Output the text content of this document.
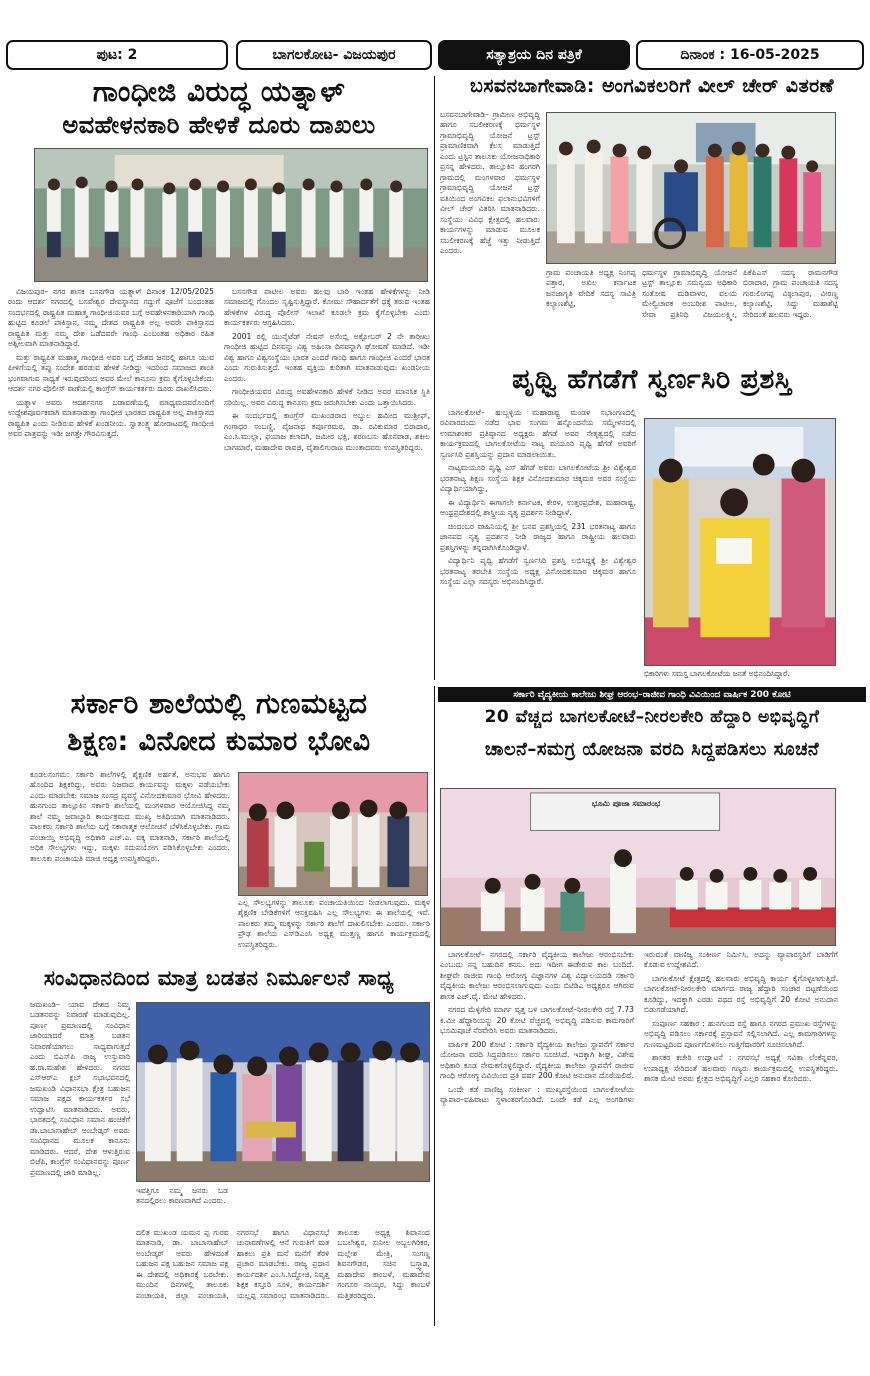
ಪುಟ: 2	ಬಾಗಲಕೋಟ- ವಿಜಯಪುರ	ಸತ್ಯಾಶ್ರಯ ದಿನ ಪತ್ರಿಕೆ	ದಿನಾಂಕ : 16-05-2025
ಗಾಂಧೀಜಿ ವಿರುದ್ಧ ಯತ್ನಾಳ್
ಅವಹೇಳನಕಾರಿ ಹೇಳಿಕೆ ದೂರು ದಾಖಲು

ವಿಜಯಪುರ– ನಗರ ಶಾಸಕ ಬಸನಗೌಡ ಯತ್ನಾಳ್ ದಿನಾಂಕ 12/05/2025 ರಂದು ಆದರ್ಶ ನಗರದಲ್ಲಿ ಬಸವೇಶ್ವರ ದೇವಸ್ಥಾನದ ಗದ್ದುಗೆ ಪೂಜೆಗೆ ಬಂದಂತಹ ಸಂದರ್ಭದಲ್ಲಿ ರಾಷ್ಟ್ರಪಿತ ಮಹಾತ್ಮ ಗಾಂಧೀಜಿಯವರ ಬಗ್ಗೆ ಅವಹೇಳನಕಾರಿಯಾಗಿ ಗಾಂಧಿ ಹುಟ್ಟಿದ ಕೂಡಲೆ ಪಾಕಿಸ್ತಾನ, ನಮ್ಮ ದೇಶದ ರಾಷ್ಟ್ರಪಿತ ಅಲ್ಲ ಅವರೇ ಪಾಕಿಸ್ತಾನದ ರಾಷ್ಟ್ರಪಿತ ಮತ್ತು ನಮ್ಮ ದೇಶ ಒಡೆದವರೇ ಗಾಂಧಿ ಎಂಬಂತಹ ಅಧಿಕಾರ ರಹಿತ ಅಶ್ಲೀಲವಾಗಿ ಮಾತನಾಡಿದ್ದಾರೆ.

ಮತ್ತು ರಾಷ್ಟ್ರಪಿತ ಮಹಾತ್ಮ ಗಾಂಧೀಜಿ ಅವರ ಬಗ್ಗೆ ದೇಶದ ಜನರಲ್ಲಿ ಹಾಗೂ ಯುವ ಪೀಳಿಗೆಯಲ್ಲಿ ತಪ್ಪು ಸಂದೇಶ ಹರಡುವ ಹೇಳಿಕೆ ನೀಡಿದ್ದು ಇದರಿಂದ ಸಮಾಜದ ಶಾಂತಿ ಭಂಗವಾಗುವ ಸಾಧ್ಯತೆ ಇರುವುದರಿಂದ ಅವರ ಮೇಲೆ ಕಾನೂನು ಕ್ರಮ ಕೈಗೊಳ್ಳಬೇಕೆಂದು ಆದರ್ಶ ನಗರ ಪೊಲೀಸ್ ಠಾಣೆಯಲ್ಲಿ ಕಾಂಗ್ರೆಸ್ ಕಾರ್ಯಕರ್ತರು ದೂರು ದಾಖಲಿಸಿದರು.

ಯತ್ನಾಳ ಅವರು ಆದರ್ಶನಗರ ಬಡಾವಣೆಯಲ್ಲಿ ಮಾಧ್ಯಮದವರೊಂದಿಗೆ ಉದ್ದೇಶಪೂರ್ವಕವಾಗಿ ಮಾತನಾಡುತ್ತಾ ಗಾಂಧೀಜಿ ಭಾರತದ ರಾಷ್ಟ್ರಪಿತ ಅಲ್ಲ ಪಾಕಿಸ್ತಾನದ ರಾಷ್ಟ್ರಪಿತ ಎಂದು ನೀಡಿರುವ ಹೇಳಿಕೆ ಖಂಡನೀಯ. ಸ್ವಾತಂತ್ರ್ಯ ಹೋರಾಟದಲ್ಲಿ ಗಾಂಧೀಜಿ ಅವರ ಪಾತ್ರವನ್ನು ಇಡೀ ಜಗತ್ತೇ ಗೌರವಿಸುತ್ತದೆ.

ಬಸನಗೌಡ ಪಾಟೀಲ ಅವರು ಹಲವು ಬಾರಿ ಇಂತಹ ಹೇಳಿಕೆಗಳನ್ನು ನೀಡಿ ಸಮಾಜದಲ್ಲಿ ಗೊಂದಲ ಸೃಷ್ಟಿಸುತ್ತಿದ್ದಾರೆ. ಕೋಮು ಸೌಹಾರ್ದತೆಗೆ ಧಕ್ಕೆ ತರುವ ಇಂತಹ ಹೇಳಿಕೆಗಳ ವಿರುದ್ಧ ಪೊಲೀಸ್ ಇಲಾಖೆ ಕೂಡಲೇ ಕ್ರಮ ಕೈಗೊಳ್ಳಬೇಕು ಎಂದು ಕಾರ್ಯಕರ್ತರು ಆಗ್ರಹಿಸಿದರು.

2001 ರಲ್ಲಿ ಯುನೈಟೆಡ್ ನೇಷನ್ ಅಸೆಂಬ್ಲಿ ಅಕ್ಟೋಬರ್ 2 ನೇ ತಾರೀಖು ಗಾಂಧೀಜಿ ಹುಟ್ಟಿದ ದಿನವನ್ನು ವಿಶ್ವ ಅಹಿಂಸಾ ದಿನವನ್ನಾಗಿ ಘೋಷಣೆ ಮಾಡಿದೆ. ಇಡೀ ವಿಶ್ವ ಹಾಗೂ ವಿಶ್ವಸಂಸ್ಥೆಯು ಭಾರತ ಎಂದರೆ ಗಾಂಧಿ ಹಾಗೂ ಗಾಂಧೀಜಿ ಎಂದರೆ ಭಾರತ ಎಂದು ಗುರುತಿಸುತ್ತದೆ. ಇಂತಹ ವ್ಯಕ್ತಿಯ ಕುರಿತಾಗಿ ಮಾತನಾಡುವುದು ಖಂಡನೀಯ ಎಂದರು.

ಗಾಂಧೀಜಿಯವರ ವಿರುದ್ಧ ಅವಹೇಳನಕಾರಿ ಹೇಳಿಕೆ ನೀಡಿದ ಅವರ ಮಾನಸಿಕ ಸ್ಥಿತಿ ಸರಿಯಿಲ್ಲ. ಅವರ ವಿರುದ್ಧ ಕಾನೂನು ಕ್ರಮ ಜರುಗಿಸಬೇಕು ಎಂದು ಒತ್ತಾಯಿಸಿದರು.

ಈ ಸಂದರ್ಭದಲ್ಲಿ ಕಾಂಗ್ರೆಸ್ ಮುಖಂಡರಾದ ಅಬ್ದುಲ ಹಮೀದ ಮುಶ್ರೀಫ್, ಗಂಗಾಧರ ಸಂಬಣ್ಣಿ, ವೈಜನಾಥ ಕರ್ಪೂರಮಠ, ಡಾ. ರವಿಕುಮಾರ ಬಿರಾದಾರ, ಎಂ.ಸಿ.ಮುಲ್ಲಾ, ಫಯಾಜ ಕಲಾದಗಿ, ಜಮೀರ ಭಕ್ಷಿ, ಶರಣಬಸು ಹೊನವಾಡ, ಶಕೀಲ ಬಾಗಮಾರೆ, ಮಹಾದೇವ ರಾವಜಿ, ವೈಶಾಲಿಗುರಾಣ ಮುಂತಾದವರು ಉಪಸ್ಥಿತರಿದ್ದರು.

ಬಸವನಬಾಗೇವಾಡಿ: ಅಂಗವಿಕಲರಿಗೆ ವೀಲ್ ಚೇರ್ ವಿತರಣೆ
ಬಸವನಬಾಗೇವಾಡಿ– ಗ್ರಾಮೀಣ ಅಭಿವೃದ್ಧಿ ಹಾಗೂ ಸಬಲೀಕರಣಕ್ಕೆ ಧರ್ಮಸ್ಥಳ ಗ್ರಾಮಾಭಿವೃದ್ಧಿ ಯೋಜನೆ ಟ್ರಸ್ಟ್ ಪ್ರಾಮಾಣಿಕವಾಗಿ ಕೆಲಸ ಮಾಡುತ್ತಿದೆ ಎಂದು ಟ್ರಸ್ಟಿನ ತಾಲೂಕು ಯೋಜನಾಧಿಕಾರಿ ಪ್ರಸನ್ನ ಹೇಳಿದರು. ತಾಲ್ಲೂಕಿನ ಹಂಗರಗಿ ಗ್ರಾಮದಲ್ಲಿ ಮಂಗಳವಾರ ಧರ್ಮಸ್ಥಳ ಗ್ರಾಮಾಭಿವೃದ್ಧಿ ಯೋಜನೆ ಟ್ರಸ್ಟ್ ವತಿಯಿಂದ ಅಂಗವಿಕಲ ಫಲಾನುಭವಿಗಳಿಗೆ ವೀಲ್ ಚೇರ್ ವಿತರಿಸಿ ಮಾತನಾಡಿದರು. ಸಂಸ್ಥೆಯು ವಿವಿಧ ಕ್ಷೇತ್ರದಲ್ಲಿ ಹಲವಾರು ಕಾರ್ಯಗಳನ್ನು ಮಾಡುವ ಮೂಲಕ ಸಬಲೀಕರಣಕ್ಕೆ ಹೆಜ್ಜೆ ಇತ್ತು ನೀಡುತ್ತಿದೆ ಎಂದರು.
ಗ್ರಾಮ ಪಂಚಾಯತಿ ಅಧ್ಯಕ್ಷ ನಿಂಗಪ್ಪ ಪತ್ತಾರ, ಅಖಿಲ ಕರ್ನಾಟಕ ಜನಜಾಗೃತಿ ವೇದಿಕೆ ಸದಸ್ಯ ಸಾವಿತ್ರಿ ಕಲ್ಯಾಣಶೆಟ್ಟಿ,
ಧರ್ಮಸ್ಥಳ ಗ್ರಾಮಾಭಿವೃದ್ಧಿ ಯೋಜನೆ ಟ್ರಸ್ಟ್ ತಾಲ್ಲೂಕು ಸಮನ್ವಯ ಅಧಿಕಾರಿ ಸಂತೋಷ ಮಡಿವಾಳರ, ವಲಯ ಮೇಲ್ವಿಚಾರಕ ಅಂಬರೀಶ ಪಾಟೀಲ, ಸೇವಾ ಪ್ರತಿನಿಧಿ ವಿಜಯಲಕ್ಷ್ಮೀ, ಪಿಕೆಪಿಎಸ್ ಸದಸ್ಯ ರಾಮನಗೌಡ ಬಿರಾದಾರ, ಗ್ರಾಮ ಪಂಚಾಯತಿ ಸದಸ್ಯ ಗುರುಲಿಂಗಪ್ಪ ವಿಠ್ಠಲಾಪುರ, ವೀರಣ್ಣ ಕಲ್ಯಾಣಶೆಟ್ಟಿ, ಸಿದ್ದು ಮಹಾಶೆಟ್ಟಿ ಸೇರಿದಂತೆ ಹಲವರು ಇದ್ದರು.
ಪೃಥ್ವಿ ಹೆಗಡೆಗೆ ಸ್ವರ್ಣಸಿರಿ ಪ್ರಶಸ್ತಿ

ಬಾಗಲಕೋಟೆ– ಹುಬ್ಬಳ್ಳಿಯ ಮಹಾರಾಷ್ಟ್ರ ಮಂಡಳ ಸಭಾಂಗಣದಲ್ಲಿ ರವಿವಾರದಂದು ನಡೆದ ಭಾವ ಸಂಗಮ ಹನ್ನೊಂದನೆಯ ಸಮ್ಮೇಳನದಲ್ಲಿ ಉಮಾಶಂಕರ ಪ್ರತಿಷ್ಠಾನದ ಅಧ್ಯಕ್ಷರು ಹೆಗಡೆ ಅವರ ನೇತೃತ್ವದಲ್ಲಿ ನಡೆದ ಕಾರ್ಯಕ್ರಮದಲ್ಲಿ ಬಾಗಲಕೋಟೆಯ ನಾಟ್ಯ ಮಯೂರಿ ಪೃಥ್ವಿ ಹೆಗಡೆ ಅವರಿಗೆ ಸ್ವರ್ಣಸಿರಿ ಪ್ರಶಸ್ತಿಯನ್ನು ಪ್ರದಾನ ಮಾಡಲಾಯಿತು.

ನಾಟ್ಯಮಯೂರಿ ಪೃಥ್ವಿ ಎಸ್ ಹೆಗಡೆ ಅವರು ಬಾಗಲಕೋಟೆಯ ಶ್ರೀ ವಿಶ್ವೇಶ್ವರ ಭರತನಾಟ್ಯ ಶಿಕ್ಷಣ ಸಂಸ್ಥೆಯ ಶಿಕ್ಷಕ ವಿನೋದಕುಮಾರ ಚಿಕ್ಕಮಠ ಅವರ ಸಂಸ್ಥೆಯ ವಿದ್ಯಾರ್ಥಿಯಾಗಿದ್ದು,

ಈ ವಿದ್ಯಾರ್ಥಿನಿ ಈಗಾಗಲೇ ಕರ್ನಾಟಕ, ಕೇರಳ, ಉತ್ತರಪ್ರದೇಶ, ಮಹಾರಾಷ್ಟ್ರ, ಆಂಧ್ರಪ್ರದೇಶದಲ್ಲಿ ಶಾಸ್ತ್ರೀಯ ನೃತ್ಯ ಪ್ರದರ್ಶನ ನೀಡಿದ್ದಾಳೆ.

ಚಿಂದಂಬರ ವಾಹಿನಿಯಲ್ಲಿ ಶ್ರೀ ಬನವ ಪ್ರಶಸ್ತಿಯಲ್ಲಿ 231 ಭರತನಾಟ್ಯ ಹಾಗೂ ಜಾನಪದ ನೃತ್ಯ ಪ್ರದರ್ಶನ ನೀಡಿ ರಾಜ್ಯದ ಹಾಗೂ ರಾಷ್ಟ್ರೀಯ ಹಲವಾರು ಪ್ರಶಸ್ತಿಗಳನ್ನು ತನ್ನದಾಗಿಸಿಕೊಂಡಿದ್ದಾಳೆ.

ವಿದ್ಯಾರ್ಥಿನಿ ಪೃಥ್ವಿ ಹೆಗಡೆಗೆ ಸ್ವರ್ಣಸಿರಿ ಪ್ರಶಸ್ತಿ ಲಭಿಸಿದ್ದಕ್ಕೆ ಶ್ರೀ ವಿಶ್ವೇಶ್ವರ ಭರತನಾಟ್ಯ ತರಬೇತಿ ಸಂಸ್ಥೆಯ ಅಧ್ಯಕ್ಷ ವಿನೋದಕುಮಾರ ಚಿಕ್ಕಮಠ ಹಾಗೂ ಸಂಸ್ಥೆಯ ಎಲ್ಲಾ ಸದಸ್ಯರು ಅಭಿನಂದಿಸಿದ್ದಾರೆ.

ಭಿಕಾರಿಗಳು ಸಮಸ್ತ ಬಾಗಲಕೋಟೆಯ ಜನತೆ ಅಭಿನಂದಿಸಿದ್ದಾರೆ.
ಸರ್ಕಾರಿ ಶಾಲೆಯಲ್ಲಿ ಗುಣಮಟ್ಟದ
ಶಿಕ್ಷಣ: ವಿನೋದ ಕುಮಾರ ಭೋವಿ
ಕೂಡಲಸಂಗಮ: ಸರ್ಕಾರಿ ಶಾಲೆಗಳಲ್ಲಿ ಶೈಕ್ಷಣಿಕ ಅರ್ಹತೆ, ಅನುಭವ ಹಾಗೂ ಹೊಂದಿದ ಶಿಕ್ಷಕರಿದ್ದು, ಅವರು ನಿಜವಾದ ಕಾರ್ಯವನ್ನು ಮಕ್ಕಳು ಪಡೆಯಬೇಕು ಎಂದು ಮಾಡಬೇಕು ಸಮಾಜ ಸಂಸದ್ರ ವ್ಯವಸ್ಥೆ ವಿನೋದಕುಮಾರ ಭೋವಿ ಹೇಳಿದರು. ಹುನಗುಂದ ತಾಲ್ಲೂಕಿನ ಸರ್ಕಾರಿ ಶಾಲೆಯಲ್ಲಿ ಮಂಗಳವಾರ ಆಯೋಜಿಸಿದ್ದ ನಮ್ಮ ಶಾಲೆ ನಮ್ಮ ಜವಾಬ್ದಾರಿ ಕಾರ್ಯಕ್ರಮದ ಮುಖ್ಯ ಅತಿಥಿಯಾಗಿ ಮಾತನಾಡಿದರು. ಪಾಲಕರು ಸರ್ಕಾರಿ ಶಾಲೆಯ ಬಗ್ಗೆ ಸಕಾರಾತ್ಮಕ ಆಲೋಚನೆ ಬೆಳೆಸಿಕೊಳ್ಳಬೇಕು. ಗ್ರಾಮ ಪಂಚಾಯ್ತಿ ಅಭಿವೃದ್ಧಿ ಅಧಿಕಾರಿ ಎಚ್.ಎ. ವಕ್ಕ ಮಾತನಾಡಿ, ಸರ್ಕಾರಿ ಶಾಲೆಯಲ್ಲಿ ಅಧಿಕ ಸೌಲಭ್ಯಗಳು ಇದ್ದು, ಮಕ್ಕಳು ಸದುಪಯೋಗ ಪಡಿಸಿಕೊಳ್ಳಬೇಕು ಎಂದರು. ತಾಲೂಕು ಪಂಚಾಯತಿ ಮಾಜಿ ಅಧ್ಯಕ್ಷ ಉಪಸ್ಥಿತರಿದ್ದರು.
ಎಲ್ಲ ಸೌಲಭ್ಯಗಳನ್ನು ತಾಲೂಕು ಪಂಚಾಯತಿಯಿಂದ ನೀಡಲಾಗುವುದು. ಮಕ್ಕಳ ಶೈಕ್ಷಣಿಕ ಬೇಡಿಕೆಗಳಿಗೆ ಆಸಕ್ತಿವಹಿಸಿ ಎಲ್ಲ ಸೌಲಭ್ಯಗಳು ಈ ಶಾಲೆಯಲ್ಲಿ ಇವೆ. ಪಾಲಕರು ತಮ್ಮ ಮಕ್ಕಳನ್ನು ಸರ್ಕಾರಿ ಶಾಲೆಗೆ ದಾಖಲಿಸಬೇಕು ಎಂದರು. ಸರ್ಕಾರಿ ಪ್ರೌಢ ಶಾಲೆಯ ಎಸ್‌ಡಿಎಂಸಿ ಅಧ್ಯಕ್ಷ ಮುತ್ತಣ್ಣ ಹಾಗೂ ಕಾರ್ಯಕ್ರಮದಲ್ಲಿ ಉಪಸ್ಥಿತರಿದ್ದರು.
ಸರ್ಕಾರಿ ವೈದ್ಯಕೀಯ ಕಾಲೇಜು ಶೀಘ್ರ ಆರಂಭ–ರಾಜೀವ ಗಾಂಧಿ ವಿವಿಯಿಂದ ವಾರ್ಷಿಕ 200 ಕೋಟಿ
20 ವೆಚ್ಚದ ಬಾಗಲಕೋಟೆ–ನೀರಲಕೇರಿ ಹೆದ್ದಾರಿ ಅಭಿವೃದ್ಧಿಗೆ
ಚಾಲನೆ–ಸಮಗ್ರ ಯೋಜನಾ ವರದಿ ಸಿದ್ದಪಡಿಸಲು ಸೂಚನೆ
ಭೂಮಿ ಪೂಜಾ ಸಮಾರಂಭ

ಬಾಗಲಕೋಟೆ– ನಗರದಲ್ಲಿ ಸರ್ಕಾರಿ ವೈದ್ಯಕೀಯ ಕಾಲೇಜು ಆರಂಭಿಸಬೇಕು ಎಂಬುದು ನನ್ನ ಬಹುದಿನ ಕನಸು. ಅದು ಇದೀಗ ಈಡೇರುವ ಕಾಲ ಬಂದಿದೆ. ಶೀಘ್ರವೇ ರಾಜೀವ ಗಾಂಧಿ ಆರೋಗ್ಯ ವಿಜ್ಞಾನಗಳ ವಿಶ್ವ ವಿದ್ಯಾಲಯದಡಿ ಸರ್ಕಾರಿ ವೈದ್ಯಕೀಯ ಕಾಲೇಜು ಆರಂಭಿಸಲಾಗುವುದು ಎಂದು ಬಿಟಿಡಿಎ ಅಧ್ಯಕ್ಷರೂ ಆಗಿರುವ ಶಾಸಕ ಎಚ್.ವೈ. ಮೇಟಿ ಹೇಳಿದರು.

ನಗರದ ಮೆಳ್ಳಿಗೇರಿ ಮಾರ್ಗ ವೃತ್ತ ಬಳಿ ಬಾಗಲಕೋಟೆ–ನೀರಲಕೇರಿ ರಸ್ತೆ 7.73 ಕಿ.ಮೀ ಹೆದ್ದಾರಿಯನ್ನು 20 ಕೋಟಿ ವೆಚ್ಚದಲ್ಲಿ ಅಭಿವೃದ್ಧಿ ಪಡಿಸುವ ಕಾಮಗಾರಿಗೆ ಭೂಮಿಪೂಜೆ ನೆರವೇರಿಸಿ ಅವರು ಮಾತನಾಡಿದರು.

ವಾರ್ಷಿಕ 200 ಕೋಟಿ : ಸರ್ಕಾರಿ ವೈದ್ಯಕೀಯ ಕಾಲೇಜು ಸ್ಥಾಪನೆಗೆ ಸರ್ಕಾರ ಯೋಜನಾ ವರದಿ ಸಿದ್ಧಪಡಿಸಲು ಸರ್ಕಾರ ಸೂಚಿಸಿದೆ. ಇದಕ್ಕಾಗಿ ಶೀಘ್ರ, ವಿಶೇಷ ಅಧಿಕಾರಿ ಕೂಡ ನೇಮಕಗೊಳ್ಳಲಿದ್ದಾರೆ. ವೈದ್ಯಕೀಯ ಕಾಲೇಜು ಸ್ಥಾಪನೆಗೆ ರಾಜೀವ ಗಾಂಧಿ ಆರೋಗ್ಯ ವಿವಿಯಿಂದ ಪ್ರತಿ ವರ್ಷ 200 ಕೋಟಿ ಅನುದಾನ ದೊರೆಯಲಿದೆ.

ಒಂದೇ ಕಡೆ ವಾಣಿಜ್ಯ ಸಂಕೀರ್ಣ : ಮುಖ್ಯರಸ್ತೆಯಿಂದ ಬಾಗಲಕೋಟೆಯ ವ್ಯಾಪಾರ–ವಹಿವಾಟು ಸ್ಥಳಾಂತರಗೊಂಡಿದೆ. ಒಂದೇ ಕಡೆ ಎಲ್ಲ ಅಂಗಡಿಗಳು ಇರುವಂತೆ ವಾಣಿಜ್ಯ ಸಂಕೀರ್ಣ ನಿರ್ಮಿಸಿ, ಅದನ್ನು ವ್ಯಾಪಾರಸ್ಥರಿಗೆ ಬಾಡಿಗೆಗೆ ಕೊಡುವ ಉದ್ದೇಶವಿದೆ.

ಬಾಗಲಕೋಟೆ ಕ್ಷೇತ್ರದಲ್ಲಿ ಹಲವಾರು ಅಭಿವೃದ್ಧಿ ಕಾರ್ಯ ಕೈಗೊಳ್ಳಲಾಗುತ್ತಿದೆ. ಬಾಗಲಕೋಟೆ–ನೀರಲಕೇರಿ ಮಾರ್ಗದ ರಾಜ್ಯ ಹೆದ್ದಾರಿ ಸಂಚಾರ ದಟ್ಟಣೆಯಿಂದ ಕೂಡಿದ್ದು, ಇದಕ್ಕಾಗಿ ಎರಡು ಪಥದ ರಸ್ತೆ ಅಭಿವೃದ್ಧಿಗೆ 20 ಕೋಟಿ ಅನುದಾನ ಬಿಡುಗಡೆಯಾಗಿದೆ.

ಸಂಪೂರ್ಣ ಸಹಕಾರ : ಹುನಗುಂದ ರಸ್ತೆ ಹಾಗೂ ನಗರದ ಪ್ರಮುಖ ರಸ್ತೆಗಳನ್ನು ಅಭಿವೃದ್ಧಿ ಪಡಿಸಲು ಸರ್ಕಾರಕ್ಕೆ ಪ್ರಸ್ತಾವನೆ ಸಲ್ಲಿಸಲಾಗಿದೆ. ಎಲ್ಲ ಕಾಮಗಾರಿಗಳನ್ನು ಗುಣಮಟ್ಟದಿಂದ ಪೂರ್ಣಗೊಳಿಸಲು ಗುತ್ತಿಗೆದಾರರಿಗೆ ಸೂಚಿಸಲಾಗಿದೆ.

ಶಾಸಕರ ಕಚೇರಿ ಉದ್ಘಾಟನೆ : ನಗರಸಭೆ ಅಧ್ಯಕ್ಷೆ ಸವಿತಾ ಲೆಂಕೆನ್ನವರ, ಉಪಾಧ್ಯಕ್ಷ ಸೇರಿದಂತೆ ಹಲವಾರು ಗಣ್ಯರು ಕಾರ್ಯಕ್ರಮದಲ್ಲಿ ಉಪಸ್ಥಿತರಿದ್ದರು. ಶಾಸಕ ಮೇಟಿ ಅವರು ಕ್ಷೇತ್ರದ ಅಭಿವೃದ್ಧಿಗೆ ಎಲ್ಲರ ಸಹಕಾರ ಕೋರಿದರು.

ಸಂವಿಧಾನದಿಂದ ಮಾತ್ರ ಬಡತನ ನಿರ್ಮೂಲನೆ ಸಾಧ್ಯ
ಜಮಖಂಡಿ– ಯಾವ ದೇಶದ ನಿಮ್ಮ ಬಡತನವನ್ನು ನಿವಾರಣೆ ಮಾಡುವುದಿಲ್ಲ. ಪೂರ್ಣ ಪ್ರಮಾಣದಲ್ಲಿ ಸಂವಿಧಾನ ಜಾರಿಯಾದರೆ ಮಾತ್ರ ಬಡತನ ನಿವಾರಣೆಯಾಗಲು ಸಾಧ್ಯವಾಗುತ್ತದೆ ಎಂದು ಬಿಎಸ್‌ಪಿ ರಾಜ್ಯ ಉಸ್ತುವಾರಿ ಹ.ರಾ.ಮಹೇಶ ಹೇಳಿದರು. ನಗರದ ಎಸ್‌ಆರ್‌ಎ ಕ್ಲಬ್ ಸಭಾಭವನದಲ್ಲಿ ಜಮಖಂಡಿ ವಿಧಾನಸಭಾ ಕ್ಷೇತ್ರ ಬಹುಜನ ಸಮಾಜ ಪಕ್ಷದ ಕಾರ್ಯಕರ್ತರ ಸಭೆ ಉದ್ಘಾಟಿಸಿ ಮಾತನಾಡಿದರು. ಅವರು, ಭಾರತದಲ್ಲಿ ಸಂವಿಧಾನ ಸಮಾನ ಹಂಚಿಕೆಗೆ ಡಾ.ಬಾಬಾಸಾಹೇಬ್ ಅಂಬೇಡ್ಕರ್ ಅವರು ಸಂವಿಧಾನದ ಮೂಲಕ ಕಾನೂನು ಮಾಡಿದರು. ಆದರೆ, ದೇಶ ಆಳುತ್ತಿರುವ ಬಿಜೆಪಿ, ಕಾಂಗ್ರೆಸ್ ಸಂವಿಧಾನವನ್ನು ಪೂರ್ಣ ಪ್ರಮಾಣದಲ್ಲಿ ಜಾರಿ ಮಾಡಿಲ್ಲ.
ಇವತ್ತಿಗೂ ನಮ್ಮ ಜನರು ಬಡ ತನದಲ್ಲಿರಲು ಕಾರಣವಾಗಿದೆ ಎಂದರು.
ದಲಿತ ಮುಖಂಡ ಯಮನ ಪ್ಪ ಗುರವ ಮಾತನಾಡಿ, ಡಾ. ಬಾಬಾಸಾಹೇಬ್ ಅಂಬೇಡ್ಕರ್ ಅವರು ಹೇಳಿದಂತೆ ಬಹುಜನ ಪಕ್ಷ ಬಹುಜನ ಸಮಾಜ ಪಕ್ಷ ಈ ದೇಶದಲ್ಲಿ ಅಧಿಕಾರಕ್ಕೆ ಬರಬೇಕು. ಮುಂದಿನ ದಿನಗಳಲ್ಲಿ ತಾಲೂಕು ಪಂಚಾಯತಿ, ಜಿಲ್ಲಾ ಪಂಚಾಯತಿ, ನಗರಸಭೆ ಹಾಗೂ ವಿಧಾನಸಭೆ ಚುನಾವಣೆಗಳಲ್ಲಿ ಆನೆ ಗುರುತಿಗೆ ಮತ ಹಾಕಲು ಪ್ರತಿ ಮನೆ ಮನೆಗೆ ತೆರಳಿ ಪ್ರಚಾರ ಮಾಡಬೇಕು. ರಾಜ್ಯ ಪ್ರಧಾನ ಕಾರ್ಯದರ್ಶಿ ಎಂ.ಸಿ.ಸಿದ್ದೋಜಿ, ನಿವೃತ್ತ ಶಿಕ್ಷಕ ಕಸ್ತೂರಿ ಸೂಳಿ, ಕಾರ್ಯದರ್ಶಿ ಯಲ್ಲಪ್ಪ ಸಮಾರಂಭ ಮಾತನಾಡಿದರು. ತಾಲೂಕು ಅಧ್ಯಕ್ಷ ಶಿವಾನಂದ ಬಬಲೇಶ್ವರ, ಸುನೀಲ ಅಬ್ಬಲಗಿರಿಕರ, ಮಲ್ಲೇಶ ಮೇತ್ರಿ, ಸಂಗಣ್ಣ ಶಿವನಗೌಡರ, ಸಚಿನ ಬಸ್ತ್ವಾಡ, ಮಹಾದೇವ ಕಾಂಬಳೆ, ಮಹಾದೇವ ಗಂಗೂರ ನಾಯ್ಕರ, ಸಿದ್ದು ಕಾಂಬಳೆ ಮತ್ತಿತರರಿದ್ದರು.
